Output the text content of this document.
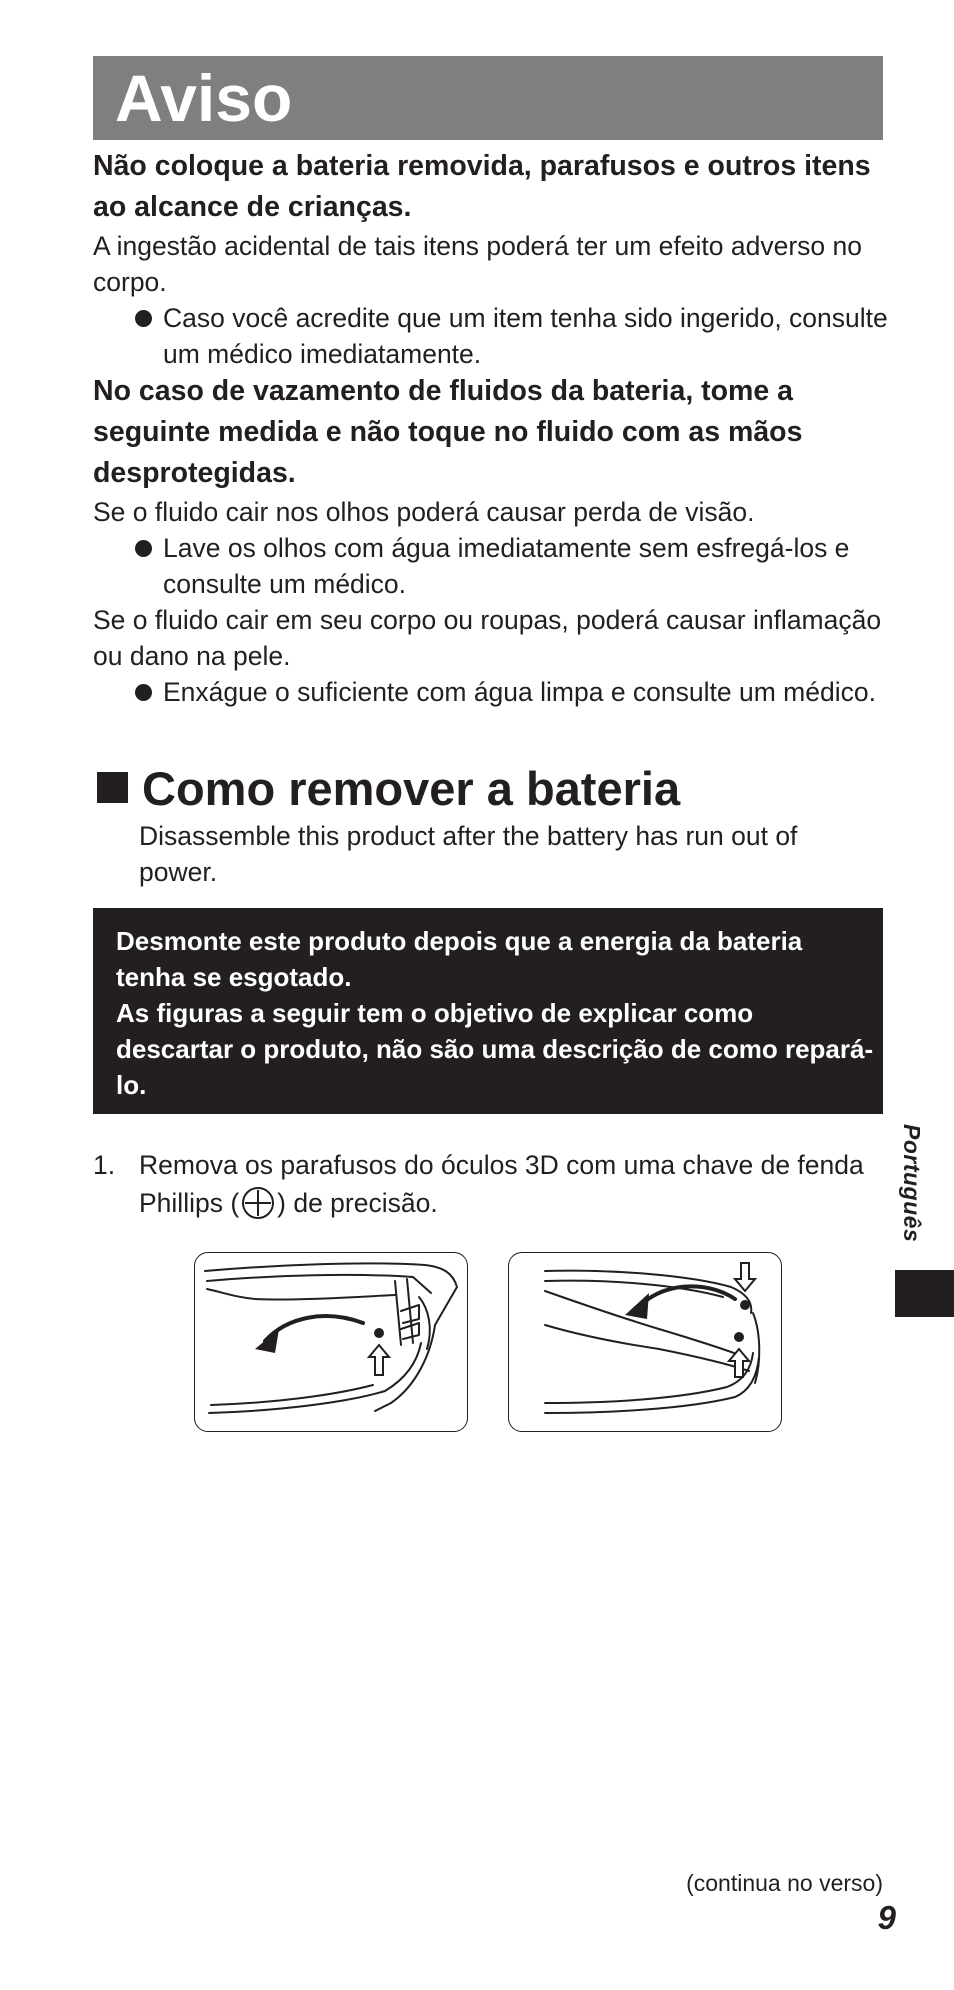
Aviso

Não coloque a bateria removida, parafusos e outros itens ao alcance de crianças.

A ingestão acidental de tais itens poderá ter um efeito adverso no corpo.

Caso você acredite que um item tenha sido ingerido, consulte um médico imediatamente.

No caso de vazamento de fluidos da bateria, tome a seguinte medida e não toque no fluido com as mãos desprotegidas.

Se o fluido cair nos olhos poderá causar perda de visão.

Lave os olhos com água imediatamente sem esfregá-los e consulte um médico.

Se o fluido cair em seu corpo ou roupas, poderá causar inflamação ou dano na pele.

Enxágue o suficiente com água limpa e consulte um médico.

Como remover a bateria
Disassemble this product after the battery has run out of power.
Desmonte este produto depois que a energia da bateria tenha se esgotado.
As figuras a seguir tem o objetivo de explicar como descartar o produto, não são uma descrição de como repará-lo.
1. Remova os parafusos do óculos 3D com uma chave de fenda Phillips ( ) de precisão.	Português
(continua no verso)
9
